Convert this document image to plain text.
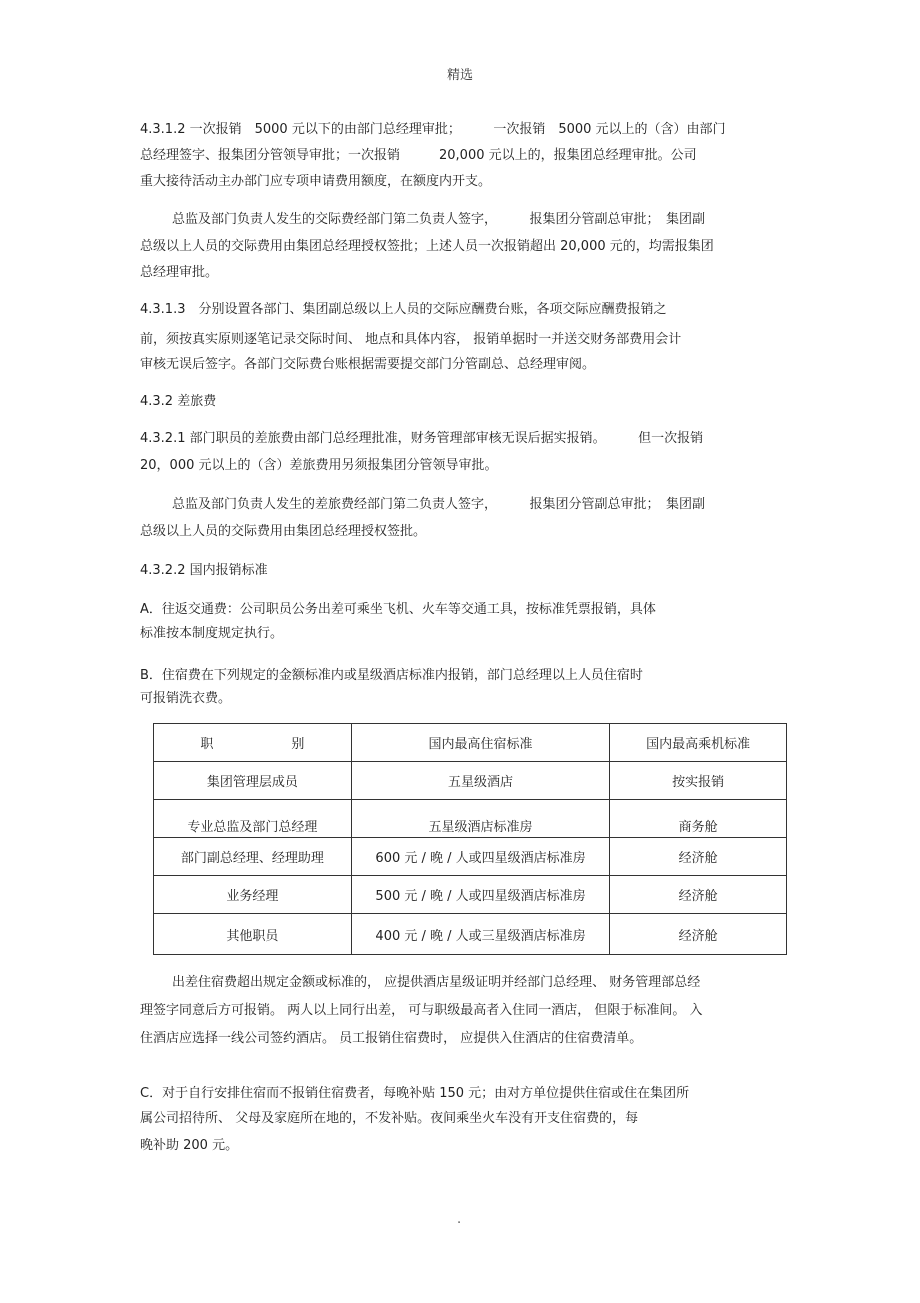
精选
4.3.1.2 一次报销　5000 元以下的由部门总经理审批；　　　一次报销　5000 元以上的（含）由部门
总经理签字、报集团分管领导审批；一次报销　　　20,000 元以上的，报集团总经理审批。公司
重大接待活动主办部门应专项申请费用额度，在额度内开支。
总监及部门负责人发生的交际费经部门第二负责人签字，　　　报集团分管副总审批；　集团副
总级以上人员的交际费用由集团总经理授权签批；上述人员一次报销超出 20,000 元的，均需报集团
总经理审批。
4.3.1.3　分别设置各部门、集团副总级以上人员的交际应酬费台账，各项交际应酬费报销之
前，须按真实原则逐笔记录交际时间、 地点和具体内容， 报销单据时一并送交财务部费用会计
审核无误后签字。各部门交际费台账根据需要提交部门分管副总、总经理审阅。
4.3.2 差旅费
4.3.2.1 部门职员的差旅费由部门总经理批准，财务管理部审核无误后据实报销。　　　但一次报销
20，000 元以上的（含）差旅费用另须报集团分管领导审批。
总监及部门负责人发生的差旅费经部门第二负责人签字，　　　报集团分管副总审批；　集团副
总级以上人员的交际费用由集团总经理授权签批。
4.3.2.2 国内报销标准
A．往返交通费：公司职员公务出差可乘坐飞机、火车等交通工具，按标准凭票报销，具体
标准按本制度规定执行。
B．住宿费在下列规定的金额标准内或星级酒店标准内报销，部门总经理以上人员住宿时
可报销洗衣费。
职　　　　　　别	国内最高住宿标准	国内最高乘机标准
集团管理层成员	五星级酒店	按实报销
专业总监及部门总经理	五星级酒店标准房	商务舱
部门副总经理、经理助理	600 元 / 晚 / 人或四星级酒店标准房	经济舱
业务经理	500 元 / 晚 / 人或四星级酒店标准房	经济舱
其他职员	400 元 / 晚 / 人或三星级酒店标准房	经济舱
出差住宿费超出规定金额或标准的， 应提供酒店星级证明并经部门总经理、 财务管理部总经
理签字同意后方可报销。 两人以上同行出差， 可与职级最高者入住同一酒店， 但限于标准间。 入
住酒店应选择一线公司签约酒店。 员工报销住宿费时， 应提供入住酒店的住宿费清单。
C．对于自行安排住宿而不报销住宿费者，每晚补贴 150 元；由对方单位提供住宿或住在集团所
属公司招待所、 父母及家庭所在地的，不发补贴。夜间乘坐火车没有开支住宿费的，每
晚补助 200 元。
.
